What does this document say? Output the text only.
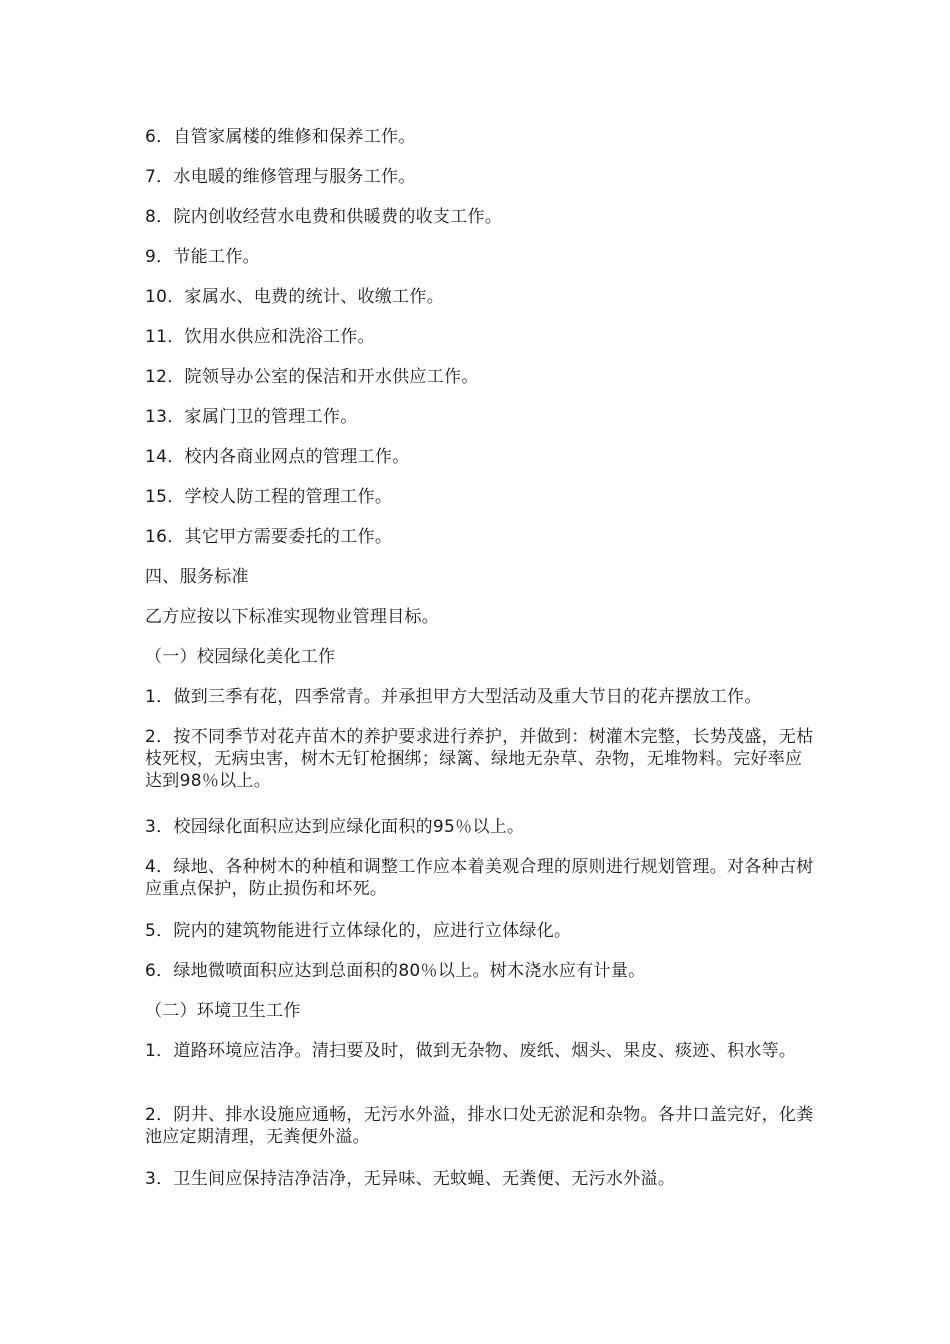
6．自管家属楼的维修和保养工作。
7．水电暖的维修管理与服务工作。
8．院内创收经营水电费和供暖费的收支工作。
9．节能工作。
10．家属水、电费的统计、收缴工作。
11．饮用水供应和洗浴工作。
12．院领导办公室的保洁和开水供应工作。
13．家属门卫的管理工作。
14．校内各商业网点的管理工作。
15．学校人防工程的管理工作。
16．其它甲方需要委托的工作。
四、服务标准
乙方应按以下标准实现物业管理目标。
（一）校园绿化美化工作
1．做到三季有花，四季常青。并承担甲方大型活动及重大节日的花卉摆放工作。
2．按不同季节对花卉苗木的养护要求进行养护，并做到：树灌木完整，长势茂盛，无枯枝死杈，无病虫害，树木无钉枪捆绑；绿篱、绿地无杂草、杂物，无堆物料。完好率应达到98％以上。
3．校园绿化面积应达到应绿化面积的95％以上。
4．绿地、各种树木的种植和调整工作应本着美观合理的原则进行规划管理。对各种古树应重点保护，防止损伤和坏死。
5．院内的建筑物能进行立体绿化的，应进行立体绿化。
6．绿地微喷面积应达到总面积的80％以上。树木浇水应有计量。
（二）环境卫生工作
1．道路环境应洁净。清扫要及时，做到无杂物、废纸、烟头、果皮、痰迹、积水等。
2．阴井、排水设施应通畅，无污水外溢，排水口处无淤泥和杂物。各井口盖完好，化粪池应定期清理，无粪便外溢。
3．卫生间应保持洁净洁净，无异味、无蚊蝇、无粪便、无污水外溢。
